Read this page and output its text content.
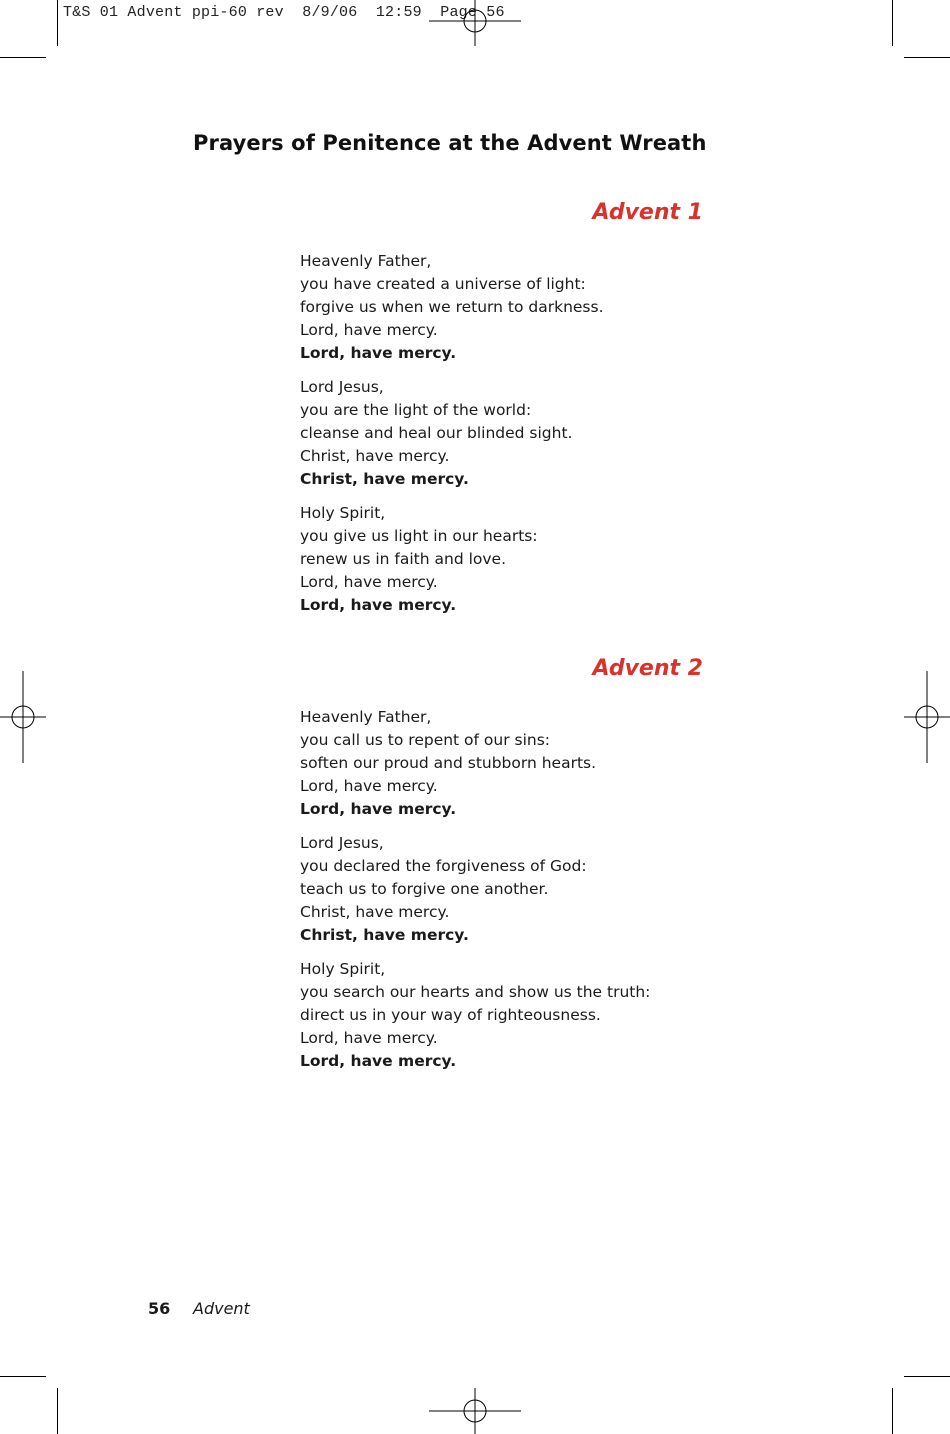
T&S 01 Advent ppi-60 rev  8/9/06  12:59  Page 56
Prayers of Penitence at the Advent Wreath
Advent 1
Heavenly Father,
you have created a universe of light:
forgive us when we return to darkness.
Lord, have mercy.
Lord, have mercy.
Lord Jesus,
you are the light of the world:
cleanse and heal our blinded sight.
Christ, have mercy.
Christ, have mercy.
Holy Spirit,
you give us light in our hearts:
renew us in faith and love.
Lord, have mercy.
Lord, have mercy.
Advent 2
Heavenly Father,
you call us to repent of our sins:
soften our proud and stubborn hearts.
Lord, have mercy.
Lord, have mercy.
Lord Jesus,
you declared the forgiveness of God:
teach us to forgive one another.
Christ, have mercy.
Christ, have mercy.
Holy Spirit,
you search our hearts and show us the truth:
direct us in your way of righteousness.
Lord, have mercy.
Lord, have mercy.
56 Advent
